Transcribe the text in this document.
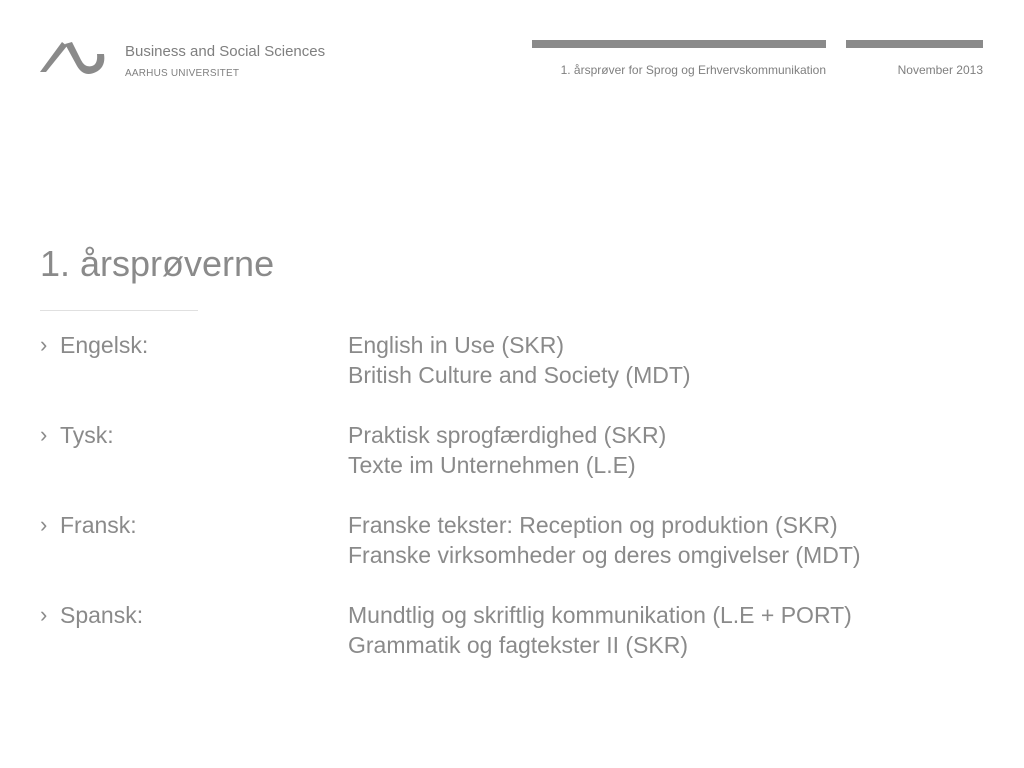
Business and Social Sciences
AARHUS UNIVERSITET	1. årsprøver for Sprog og Erhvervskommunikation	November 2013
1. årsprøverne
› Engelsk:	English in Use (SKR)
British Culture and Society (MDT)
› Tysk:	Praktisk sprogfærdighed (SKR)
Texte im Unternehmen (L.E)
› Fransk:	Franske tekster: Reception og produktion (SKR)
Franske virksomheder og deres omgivelser (MDT)
› Spansk:	Mundtlig og skriftlig kommunikation (L.E + PORT)
Grammatik og fagtekster II (SKR)
